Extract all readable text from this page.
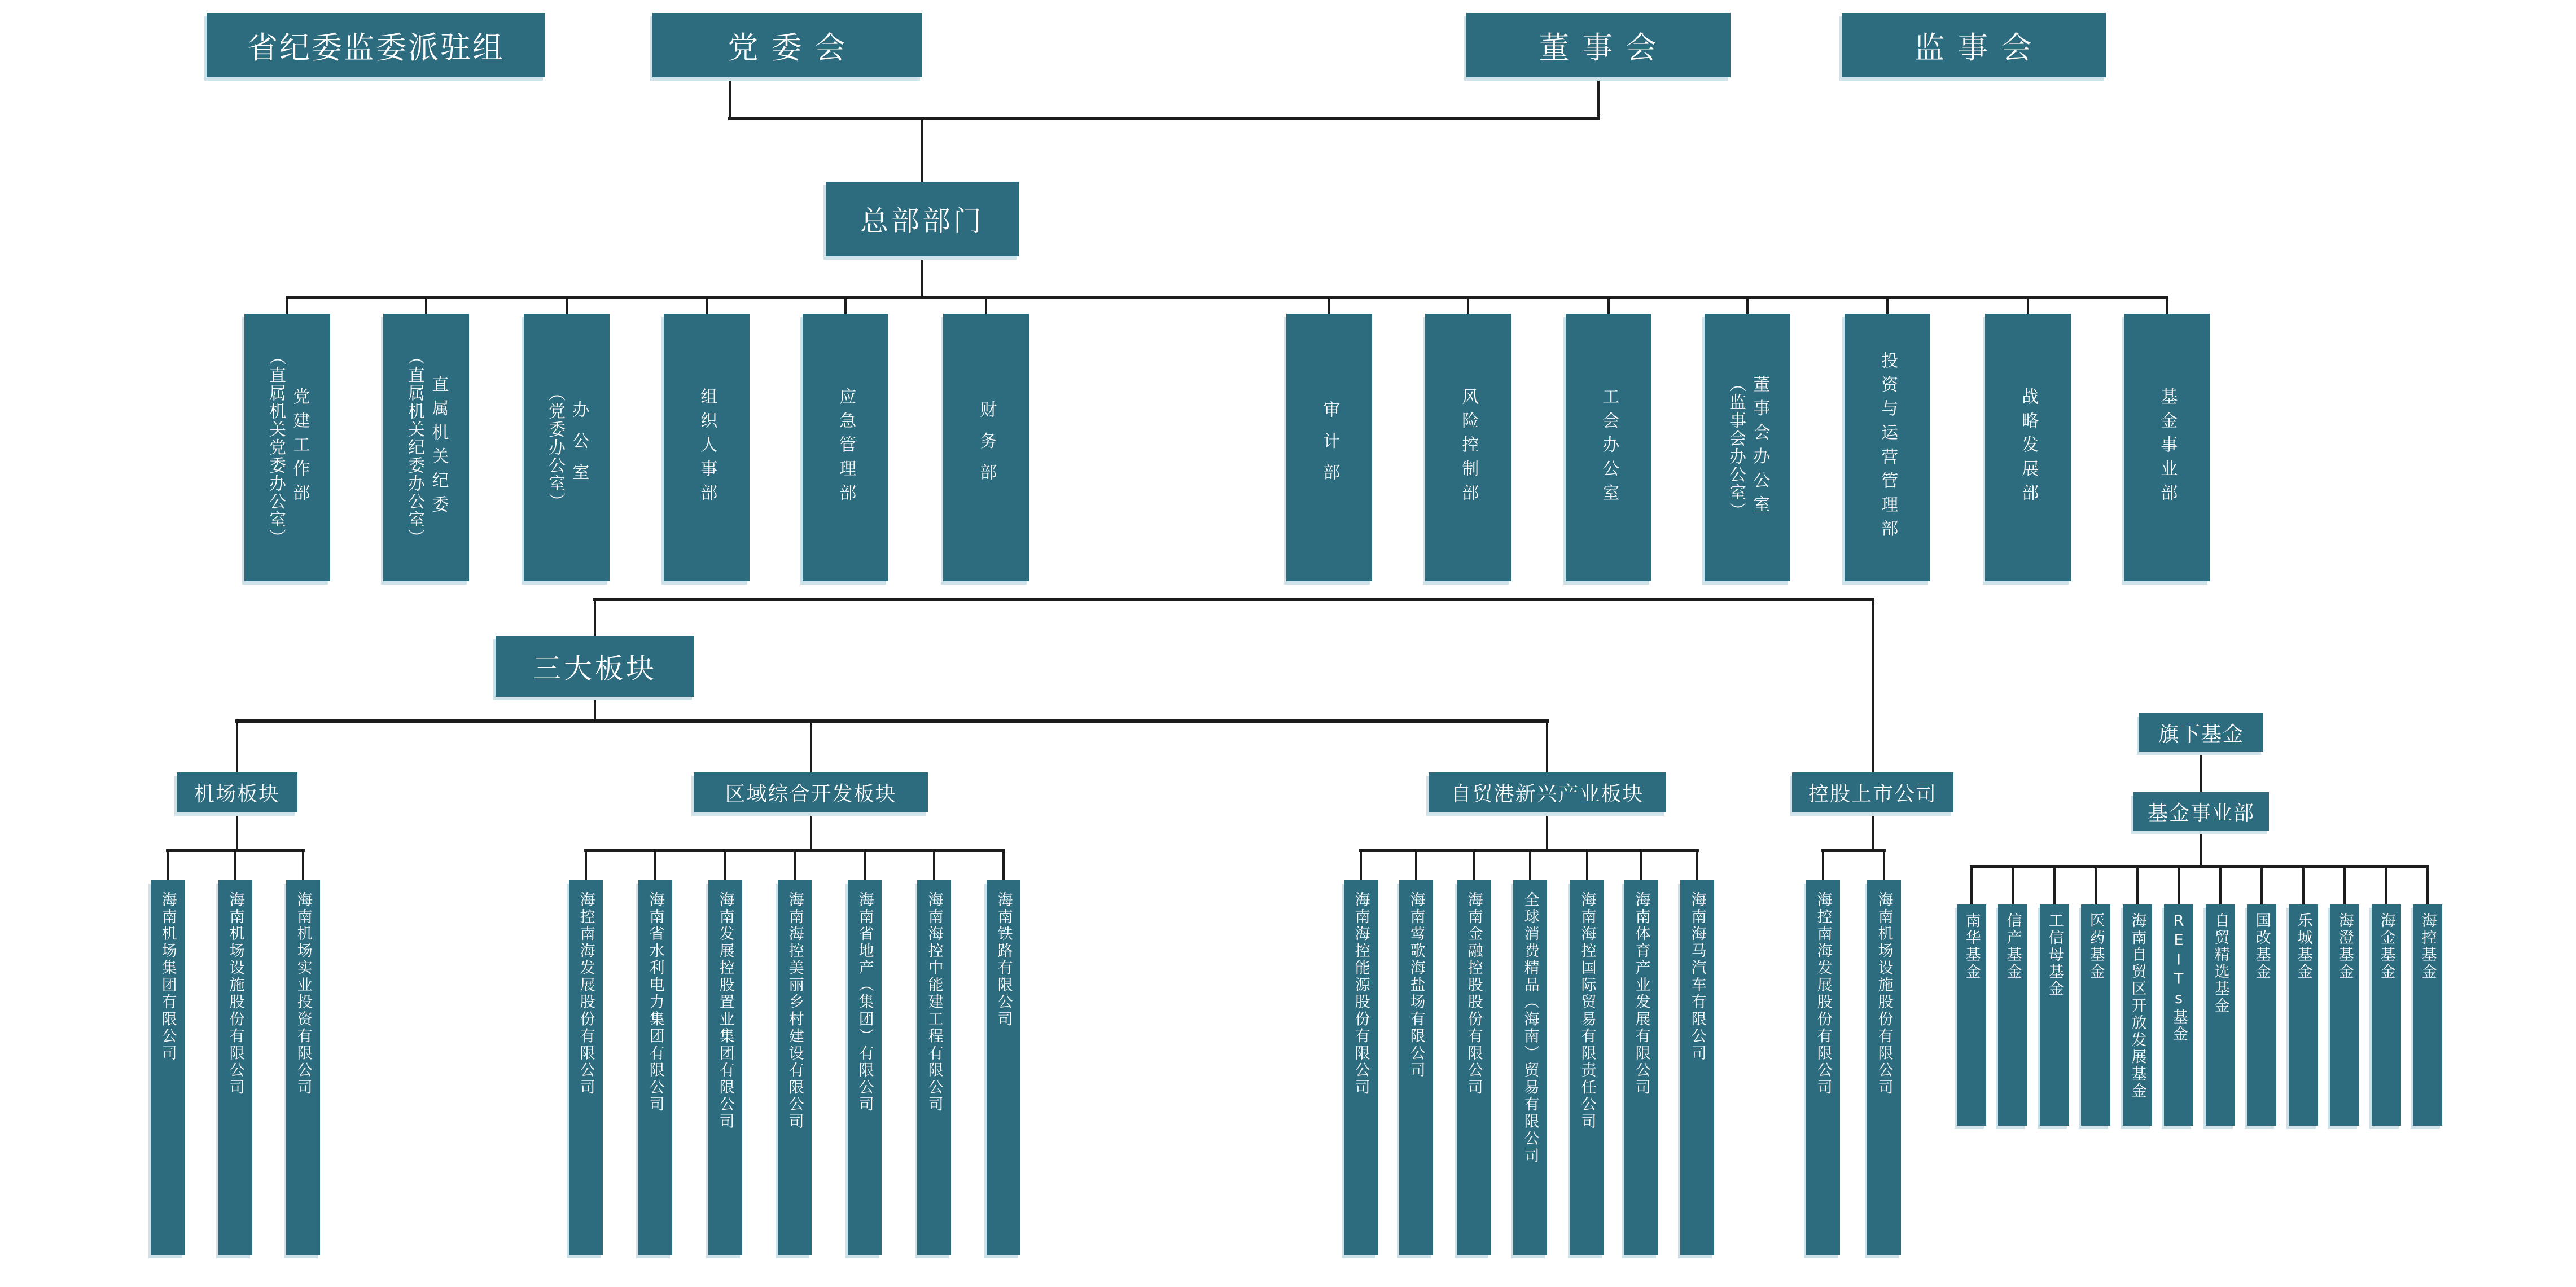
省纪委监委派驻组	党 委 会	董 事 会	监 事 会
总部部门
（直属机关党委办公室） 党建工作部	（直属机关纪委办公室） 直属机关纪委	（党委办公室） 办公室	组织人事部	应急管理部	财务部	审计部	风险控制部	工会办公室	（监事会办公室） 董事会办公室	投资与运营管理部	战略发展部	基金事业部
三大板块
机场板块	区域综合开发板块	自贸港新兴产业板块	控股上市公司
旗下基金
基金事业部
海南机场集团有限公司	海南机场设施股份有限公司	海南机场实业投资有限公司	海控南海发展股份有限公司	海南省水利电力集团有限公司	海南发展控股置业集团有限公司	海南海控美丽乡村建设有限公司	海南省地产（集团）有限公司	海南海控中能建工程有限公司	海南铁路有限公司	海南海控能源股份有限公司 海南莺歌海盐场有限公司	海南金融控股股份有限公司	全球消费精品（海南）贸易有限公司	海南海控国际贸易有限责任公司 海南体育产业发展有限公司	海南海马汽车有限公司	海控南海发展股份有限公司	海南机场设施股份有限公司	南华基金 信产基金 工信母基金 医药基金 海南自贸区开放发展基金 REITs基金 自贸精选基金 国改基金 乐城基金 海澄基金 海金基金 海控基金
